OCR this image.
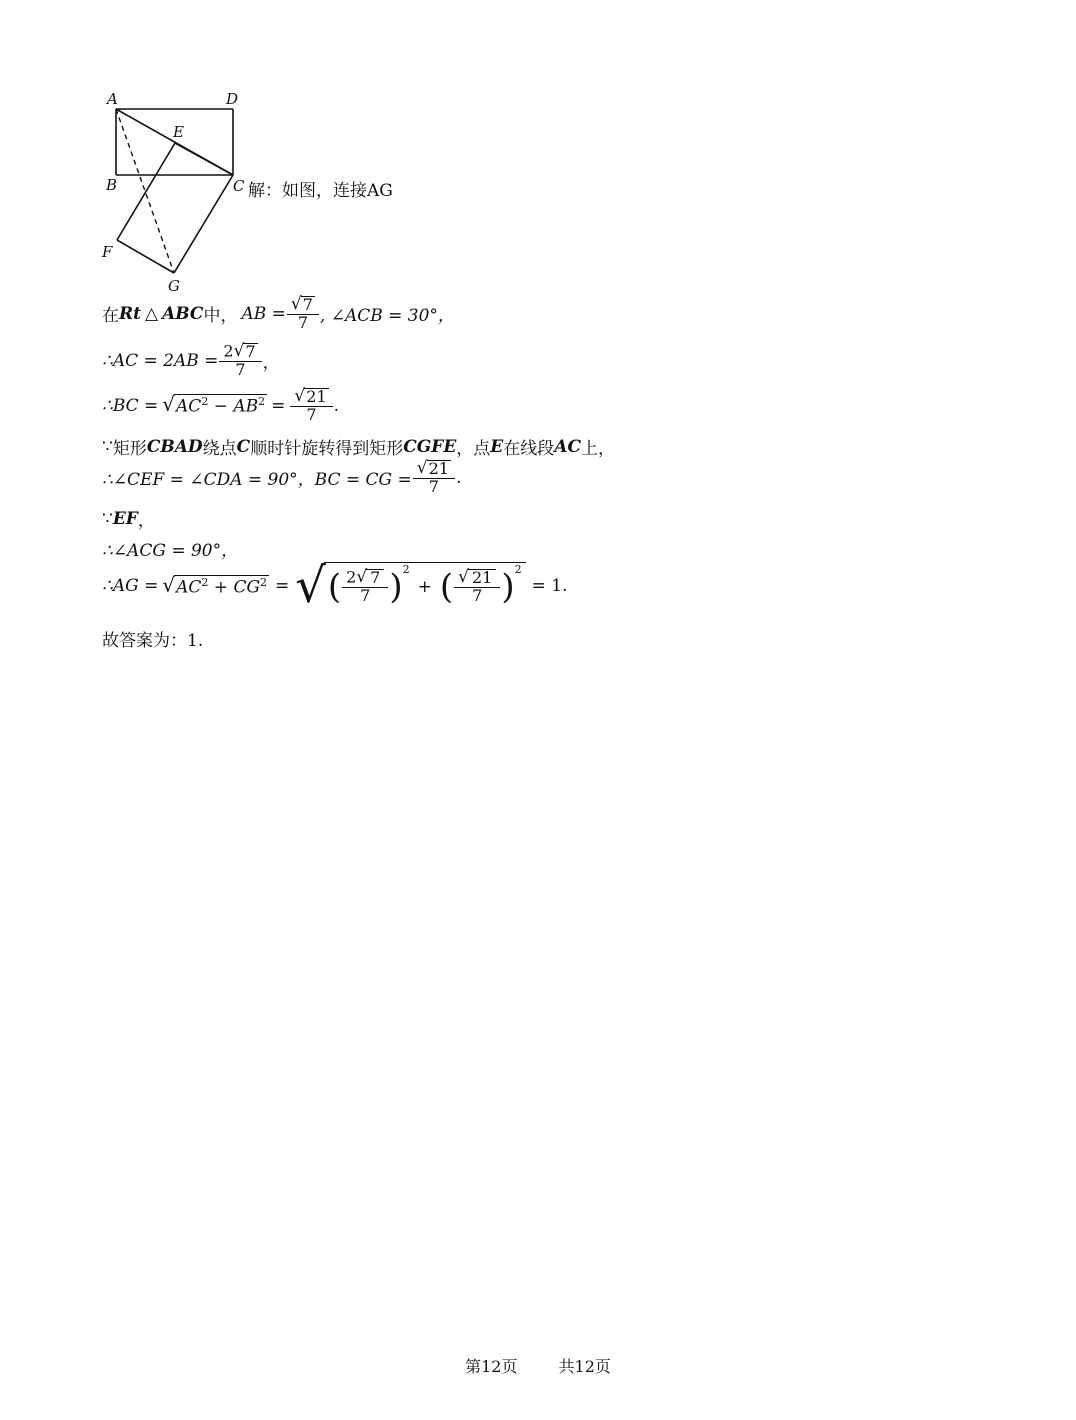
A	D
E
B	C
F
G
解：如图，连接AG
在 Rt △ ABC 中， AB = $\frac{√ 7}{7}$ , ∠ACB = 30°，
∴AC = $2AB = \frac{2 √ 7}{7}$ ，
∴BC = √ $AC^2 - AB^2 = \frac{√ 21}{7}$ .
∵ 矩形 CBAD 绕点 C 顺时针旋转得到矩形 CGFE ，点 E 在线段 AC 上，
∴∠CEF = ∠CDA = 90°，BC = CG = $\frac{√ 21}{7}$ .
∵ EF ，
∴∠ACG = 90°，
∴AG = √ $AC^2 + CG^2$ = √ ( $\frac{2 √ 7}{7} )^2$
+ ( $\frac{√ 21}{7} )^2$
= 1.
故答案为：1.
第12页	共12页
